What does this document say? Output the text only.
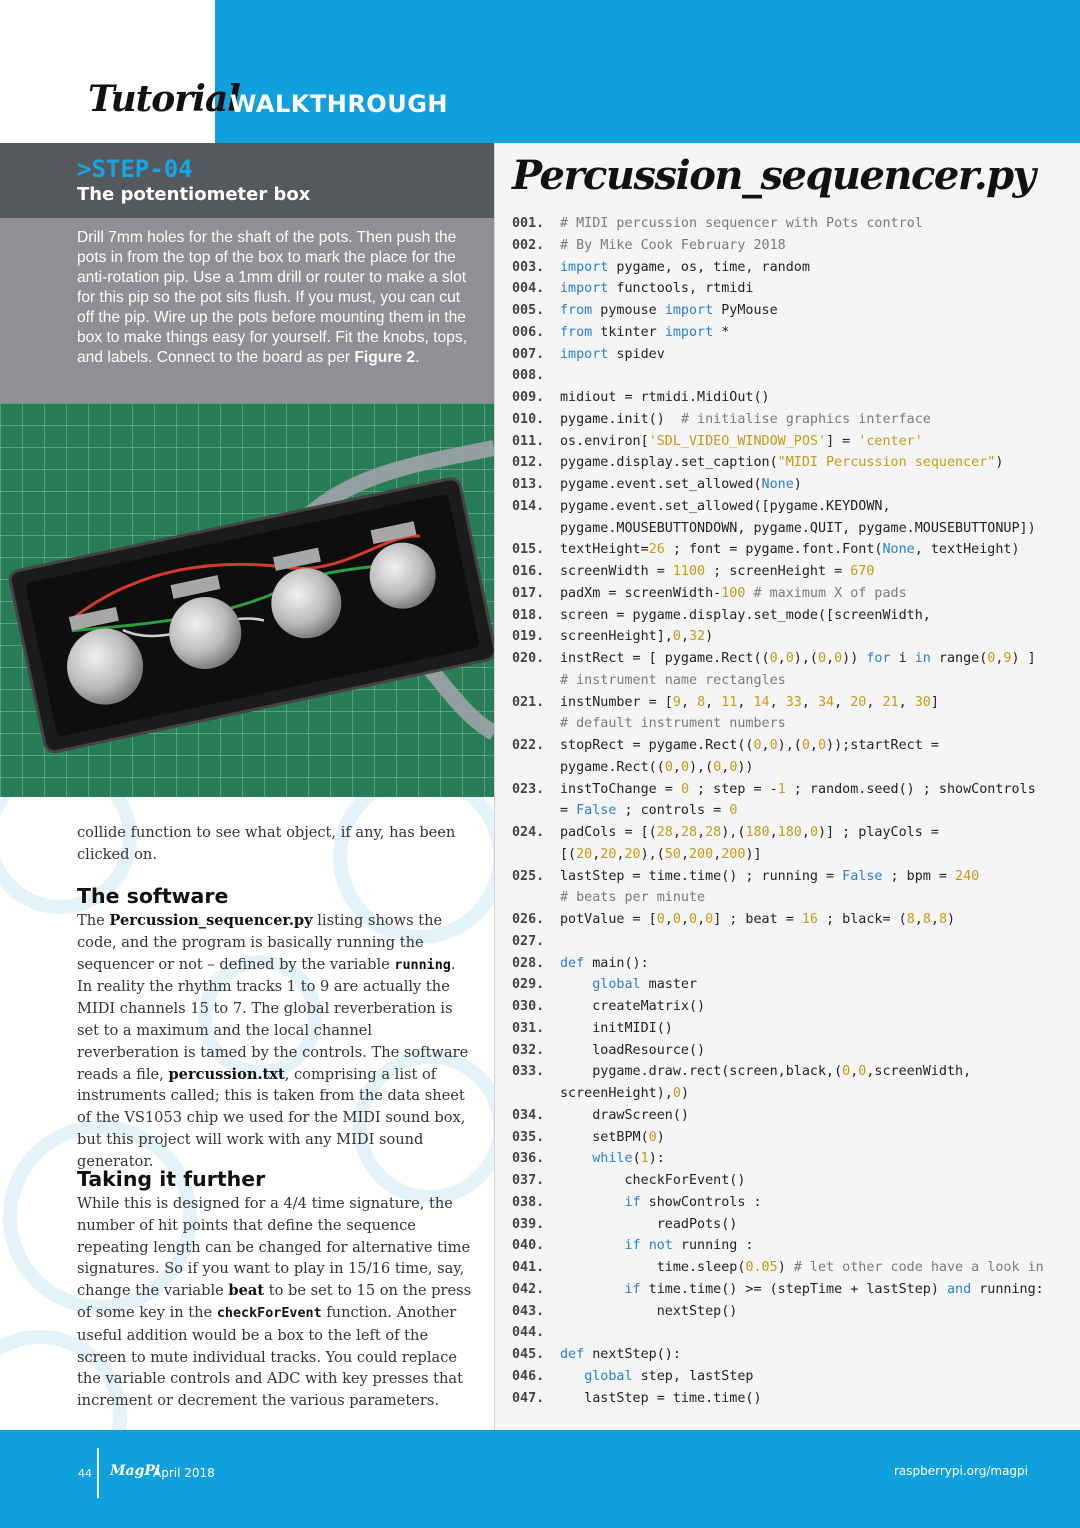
Tutorial
WALKTHROUGH
>STEP-04
The potentiometer box

Drill 7mm holes for the shaft of the pots. Then push the pots in from the top of the box to mark the place for the anti-rotation pip. Use a 1mm drill or router to make a slot for this pip so the pot sits flush. If you must, you can cut off the pip. Wire up the pots before mounting them in the box to make things easy for yourself. Fit the knobs, tops, and labels. Connect to the board as per Figure 2.

collide function to see what object, if any, has been clicked on.

The software

The Percussion_sequencer.py listing shows the code, and the program is basically running the sequencer or not – defined by the variable running. In reality the rhythm tracks 1 to 9 are actually the MIDI channels 15 to 7. The global reverberation is set to a maximum and the local channel reverberation is tamed by the controls. The software reads a file, percussion.txt, comprising a list of instruments called; this is taken from the data sheet of the VS1053 chip we used for the MIDI sound box, but this project will work with any MIDI sound generator.

Taking it further

While this is designed for a 4/4 time signature, the number of hit points that define the sequence repeating length can be changed for alternative time signatures. So if you want to play in 15/16 time, say, change the variable beat to be set to 15 on the press of some key in the checkForEvent function. Another useful addition would be a box to the left of the screen to mute individual tracks. You could replace the variable controls and ADC with key presses that increment or decrement the various parameters.

Percussion_sequencer.py
001. # MIDI percussion sequencer with Pots control
002. # By Mike Cook February 2018
003. import pygame, os, time, random
004. import functools, rtmidi
005. from pymouse import PyMouse
006. from tkinter import *
007. import spidev
008.
009. midiout = rtmidi.MidiOut()
010. pygame.init()  # initialise graphics interface
011. os.environ['SDL_VIDEO_WINDOW_POS'] = 'center'
012. pygame.display.set_caption("MIDI Percussion sequencer")
013. pygame.event.set_allowed(None)
014. pygame.event.set_allowed([pygame.KEYDOWN,
pygame.MOUSEBUTTONDOWN, pygame.QUIT, pygame.MOUSEBUTTONUP])
015. textHeight=26 ; font = pygame.font.Font(None, textHeight)
016. screenWidth = 1100 ; screenHeight = 670
017. padXm = screenWidth-100 # maximum X of pads
018. screen = pygame.display.set_mode([screenWidth,
019. screenHeight],0,32)
020. instRect = [ pygame.Rect((0,0),(0,0)) for i in range(0,9) ]
# instrument name rectangles
021. instNumber = [9, 8, 11, 14, 33, 34, 20, 21, 30]
# default instrument numbers
022. stopRect = pygame.Rect((0,0),(0,0));startRect =
pygame.Rect((0,0),(0,0))
023. instToChange = 0 ; step = -1 ; random.seed() ; showControls
= False ; controls = 0
024. padCols = [(28,28,28),(180,180,0)] ; playCols =
[(20,20,20),(50,200,200)]
025. lastStep = time.time() ; running = False ; bpm = 240
# beats per minute
026. potValue = [0,0,0,0] ; beat = 16 ; black= (8,8,8)
027.
028. def main():
029.	global master
030. createMatrix()
031. initMIDI()
032. loadResource()
033. pygame.draw.rect(screen,black,(0,0,screenWidth,
screenHeight),0)
034. drawScreen()
035. setBPM(0)
036.	while(1):
037. checkForEvent()
038.	if showControls :
039. readPots()
040.	if not running :
041. time.sleep(0.05) # let other code have a look in
042.	if time.time() >= (stepTime + lastStep) and running:
043. nextStep()
044.
045. def nextStep():
046.	global step, lastStep
047. lastStep = time.time()
44 MagPi
April 2018	raspberrypi.org/magpi
